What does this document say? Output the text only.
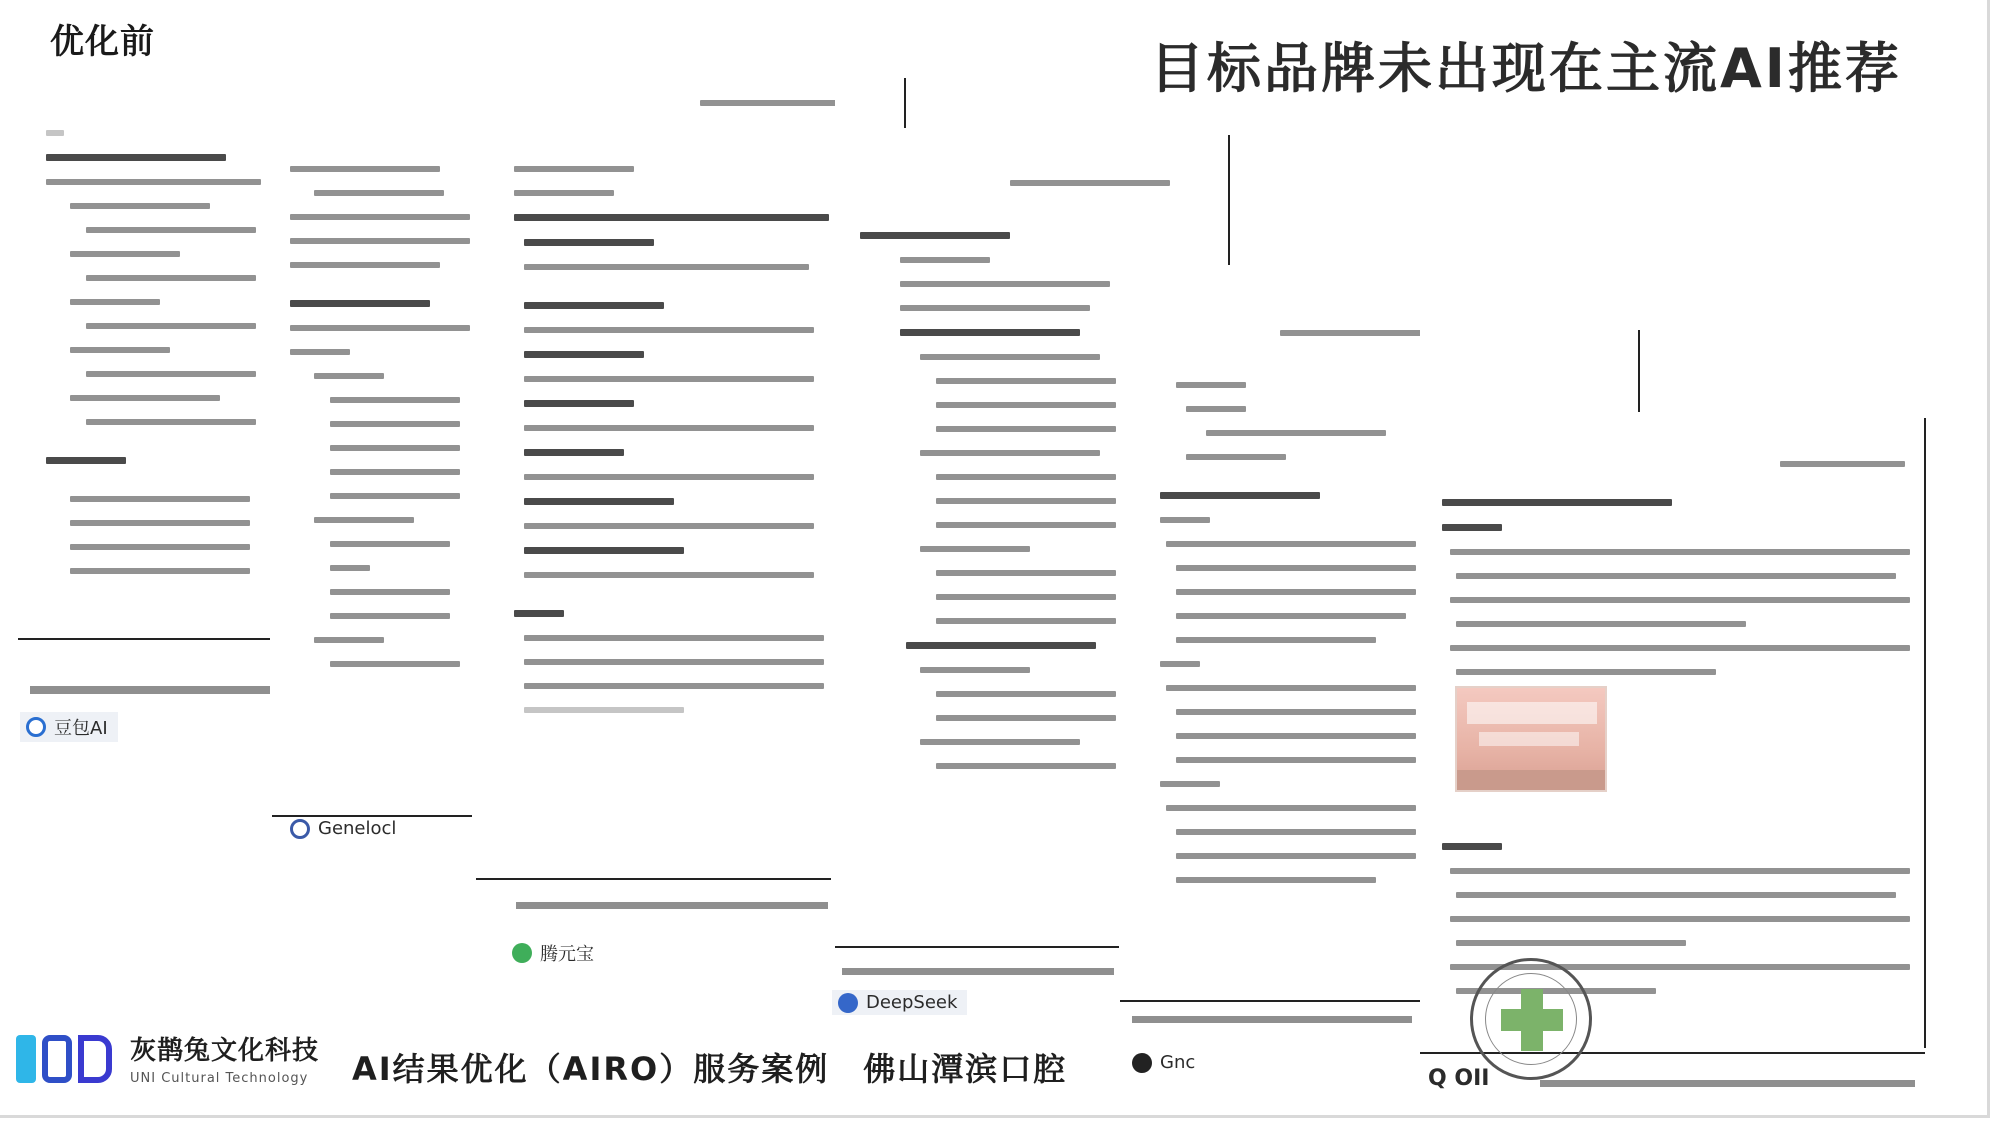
优化前	目标品牌未出现在主流AI推荐
豆包AI
Genelocl
腾元宝
DeepSeek
Gnc
Q OII
灰鹊兔文化科技
UNI Cultural Technology	AI结果优化（AIRO）服务案例　佛山潭滨口腔
